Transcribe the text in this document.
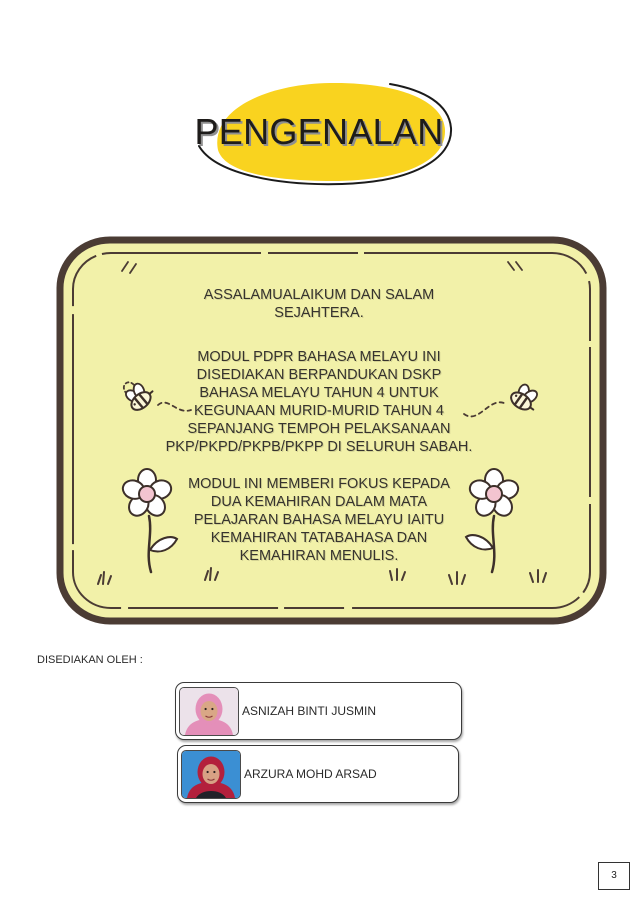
PENGENALAN
ASSALAMUALAIKUM DAN SALAM
SEJAHTERA.
MODUL PDPR BAHASA MELAYU INI
DISEDIAKAN BERPANDUKAN DSKP
BAHASA MELAYU TAHUN 4 UNTUK
KEGUNAAN MURID-MURID TAHUN 4
SEPANJANG TEMPOH PELAKSANAAN
PKP/PKPD/PKPB/PKPP DI SELURUH SABAH.
MODUL INI MEMBERI FOKUS KEPADA
DUA KEMAHIRAN DALAM MATA
PELAJARAN BAHASA MELAYU IAITU
KEMAHIRAN TATABAHASA DAN
KEMAHIRAN MENULIS.
DISEDIAKAN OLEH :
ASNIZAH BINTI JUSMIN
ARZURA MOHD ARSAD
3
